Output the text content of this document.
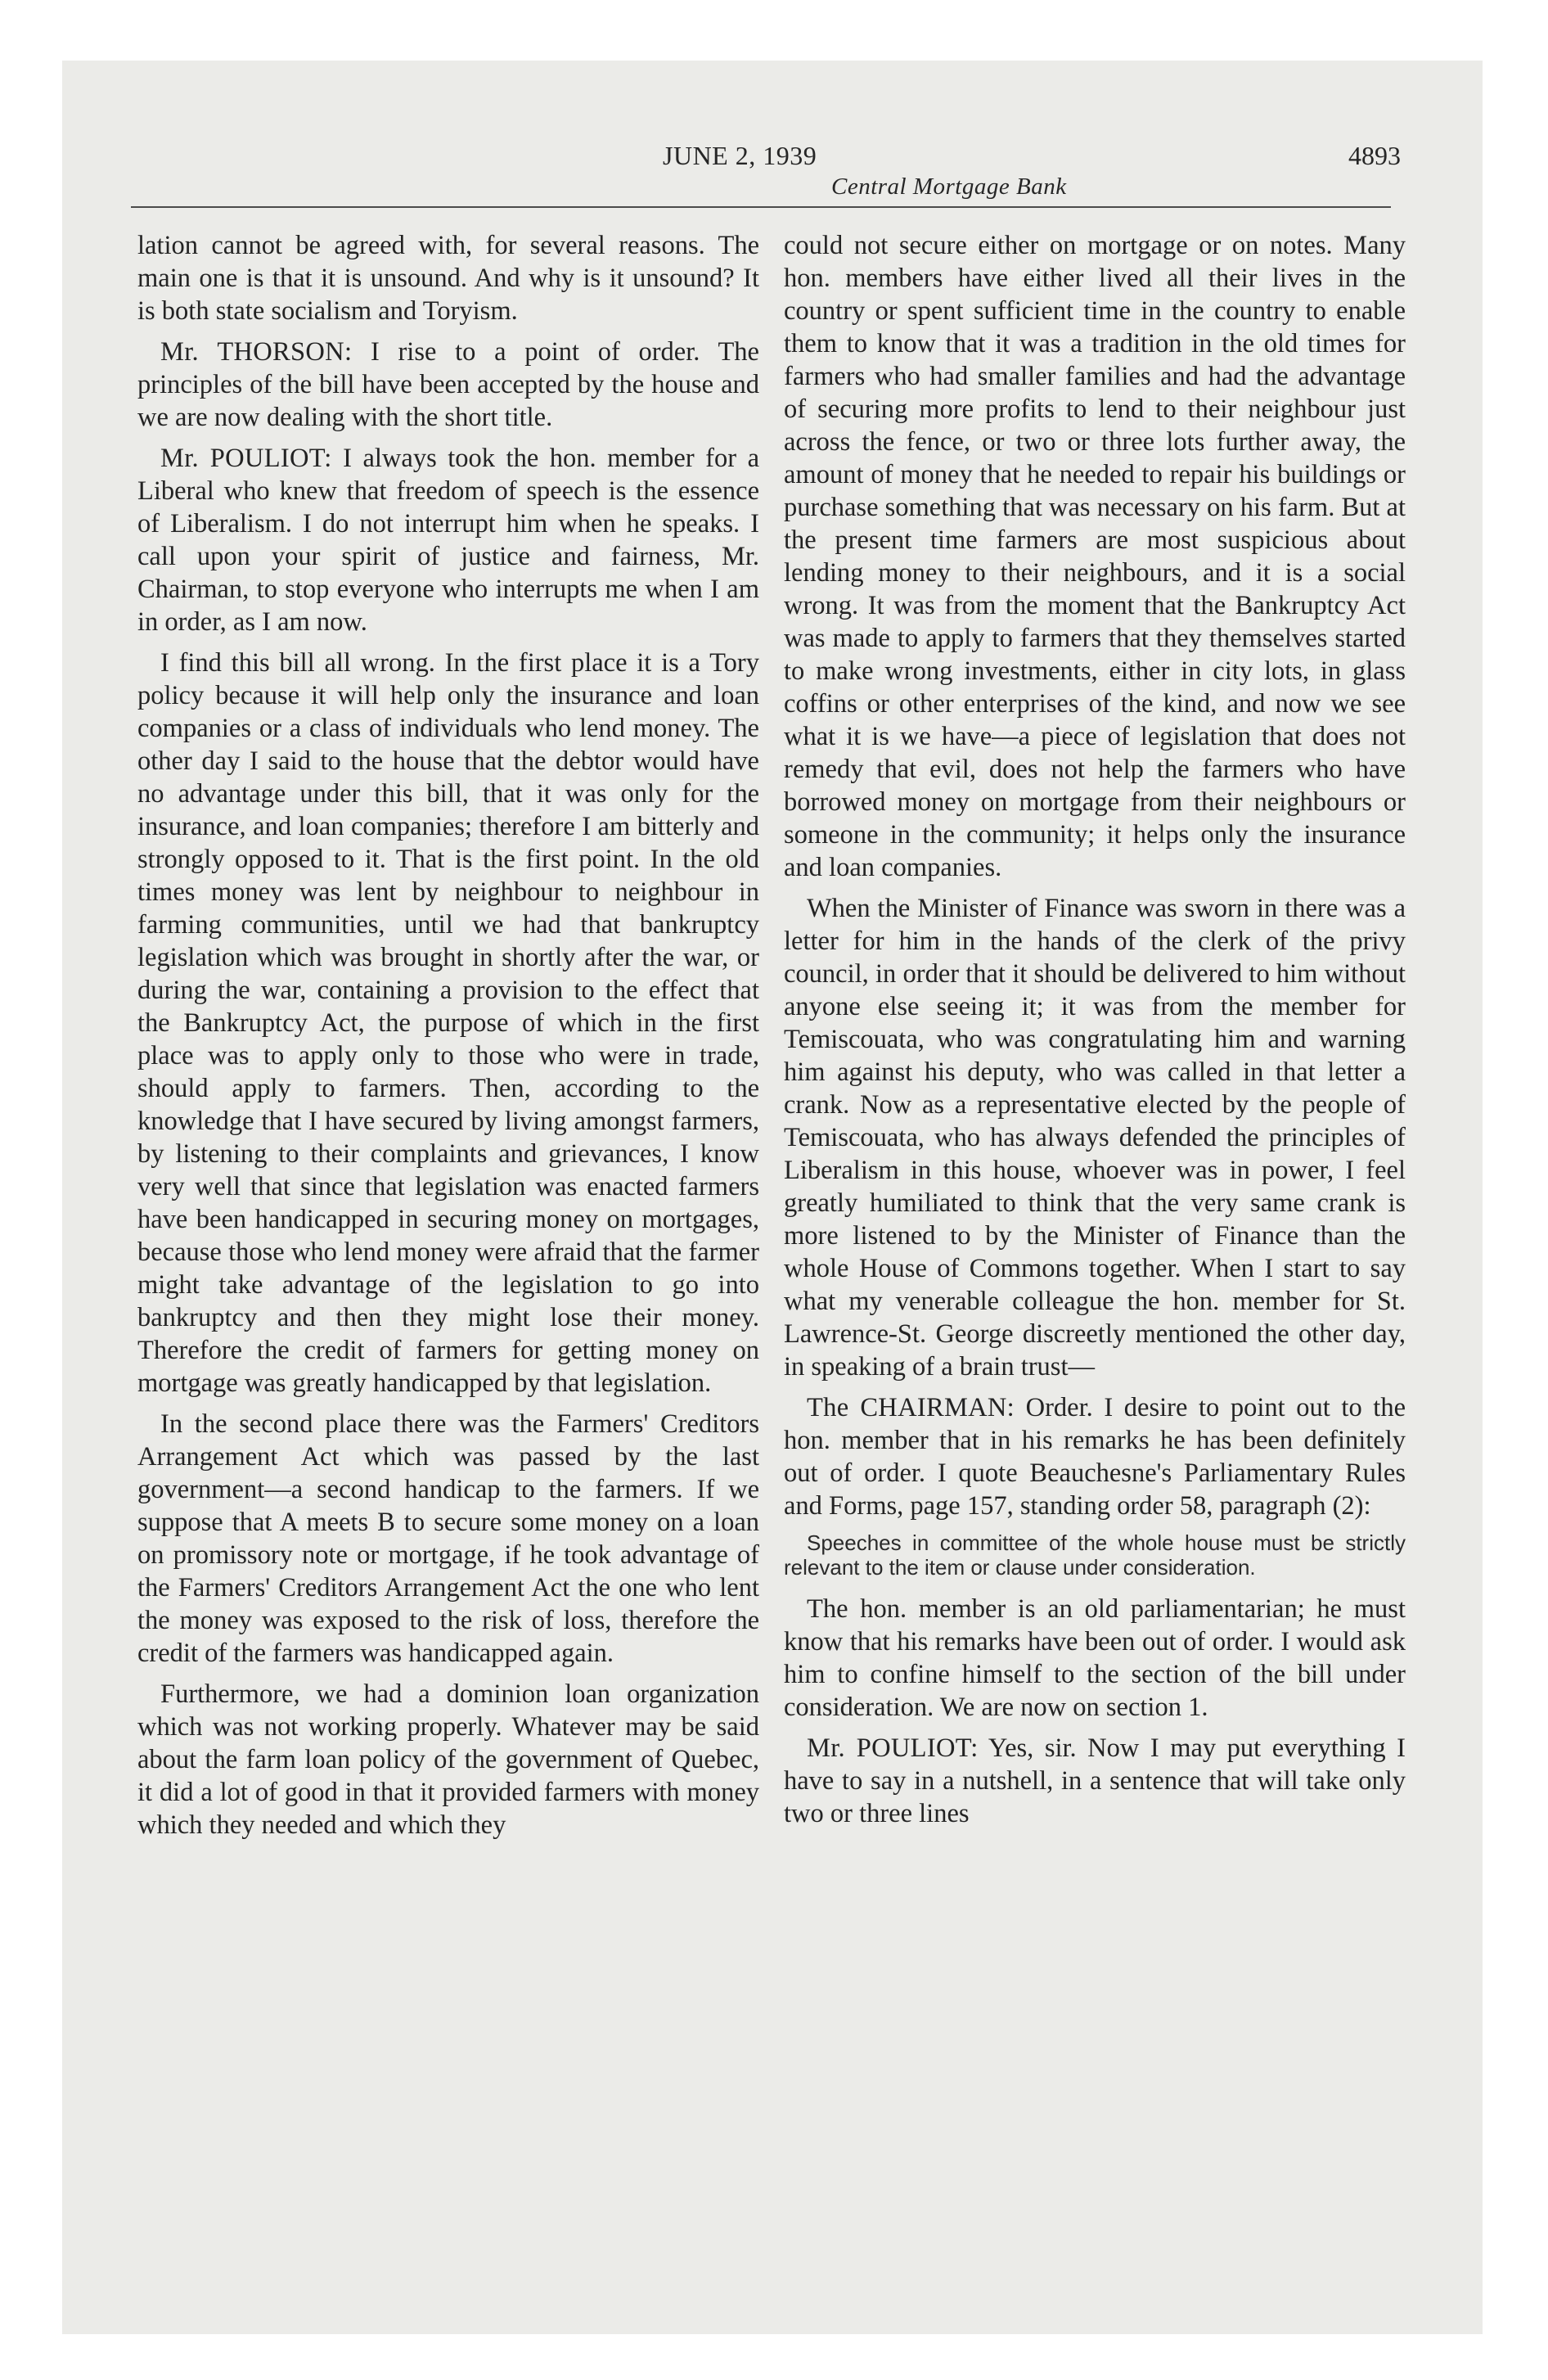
JUNE 2, 1939
Central Mortgage Bank
4893

lation cannot be agreed with, for several reasons. The main one is that it is unsound. And why is it unsound? It is both state socialism and Toryism.

Mr. THORSON: I rise to a point of order. The principles of the bill have been accepted by the house and we are now dealing with the short title.

Mr. POULIOT: I always took the hon. member for a Liberal who knew that freedom of speech is the essence of Liberalism. I do not interrupt him when he speaks. I call upon your spirit of justice and fairness, Mr. Chairman, to stop everyone who interrupts me when I am in order, as I am now.

I find this bill all wrong. In the first place it is a Tory policy because it will help only the insurance and loan companies or a class of individuals who lend money. The other day I said to the house that the debtor would have no advantage under this bill, that it was only for the insurance, and loan companies; therefore I am bitterly and strongly opposed to it. That is the first point. In the old times money was lent by neighbour to neighbour in farming communities, until we had that bankruptcy legislation which was brought in shortly after the war, or during the war, containing a provision to the effect that the Bankruptcy Act, the purpose of which in the first place was to apply only to those who were in trade, should apply to farmers. Then, according to the knowledge that I have secured by living amongst farmers, by listening to their complaints and grievances, I know very well that since that legislation was enacted farmers have been handicapped in securing money on mortgages, because those who lend money were afraid that the farmer might take advantage of the legislation to go into bankruptcy and then they might lose their money. Therefore the credit of farmers for getting money on mortgage was greatly handicapped by that legislation.

In the second place there was the Farmers' Creditors Arrangement Act which was passed by the last government—a second handicap to the farmers. If we suppose that A meets B to secure some money on a loan on promissory note or mortgage, if he took advantage of the Farmers' Creditors Arrangement Act the one who lent the money was exposed to the risk of loss, therefore the credit of the farmers was handicapped again.

Furthermore, we had a dominion loan organization which was not working properly. Whatever may be said about the farm loan policy of the government of Quebec, it did a lot of good in that it provided farmers with money which they needed and which they

could not secure either on mortgage or on notes. Many hon. members have either lived all their lives in the country or spent sufficient time in the country to enable them to know that it was a tradition in the old times for farmers who had smaller families and had the advantage of securing more profits to lend to their neighbour just across the fence, or two or three lots further away, the amount of money that he needed to repair his buildings or purchase something that was necessary on his farm. But at the present time farmers are most suspicious about lending money to their neighbours, and it is a social wrong. It was from the moment that the Bankruptcy Act was made to apply to farmers that they themselves started to make wrong investments, either in city lots, in glass coffins or other enterprises of the kind, and now we see what it is we have—a piece of legislation that does not remedy that evil, does not help the farmers who have borrowed money on mortgage from their neighbours or someone in the community; it helps only the insurance and loan companies.

When the Minister of Finance was sworn in there was a letter for him in the hands of the clerk of the privy council, in order that it should be delivered to him without anyone else seeing it; it was from the member for Temiscouata, who was congratulating him and warning him against his deputy, who was called in that letter a crank. Now as a representative elected by the people of Temiscouata, who has always defended the principles of Liberalism in this house, whoever was in power, I feel greatly humiliated to think that the very same crank is more listened to by the Minister of Finance than the whole House of Commons together. When I start to say what my venerable colleague the hon. member for St. Lawrence-St. George discreetly mentioned the other day, in speaking of a brain trust—

The CHAIRMAN: Order. I desire to point out to the hon. member that in his remarks he has been definitely out of order. I quote Beauchesne's Parliamentary Rules and Forms, page 157, standing order 58, paragraph (2):

Speeches in committee of the whole house must be strictly relevant to the item or clause under consideration.

The hon. member is an old parliamentarian; he must know that his remarks have been out of order. I would ask him to confine himself to the section of the bill under consideration. We are now on section 1.

Mr. POULIOT: Yes, sir. Now I may put everything I have to say in a nutshell, in a sentence that will take only two or three lines
